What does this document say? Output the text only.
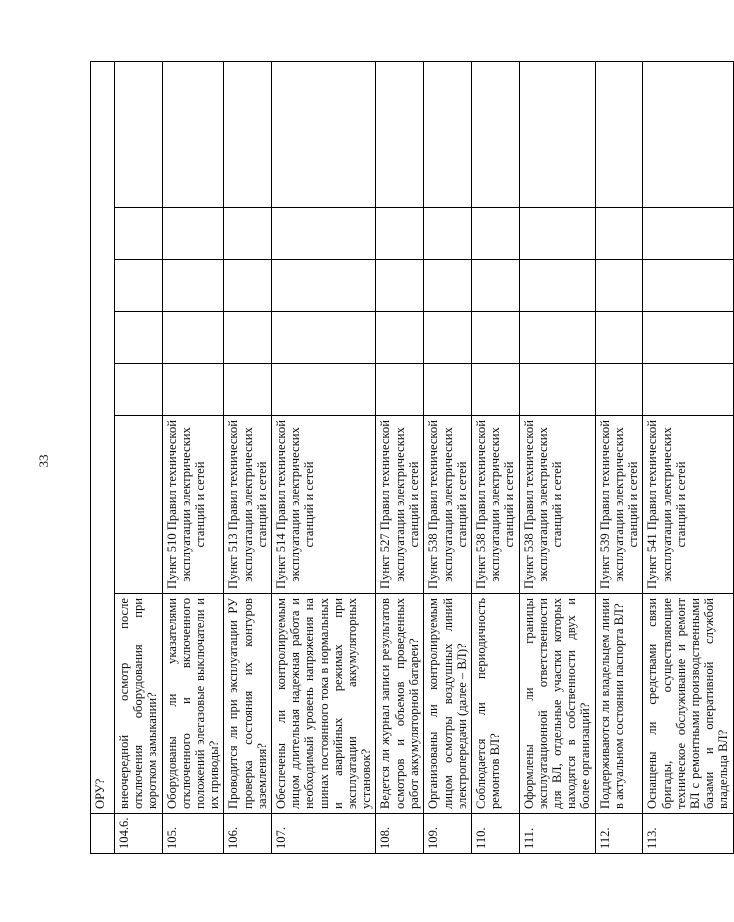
33
	ОРУ?						
104.6.	внеочередной осмотр после отключения оборудования при коротком замыкании?						
105.	Оборудованы ли указателями отключенного и включенного положений элегазовые выключатели и их приводы?	Пункт 510 Правил технической эксплуатации электрических станций и сетей					
106.	Проводится ли при эксплуатации РУ проверка состояния их контуров заземления?	Пункт 513 Правил технической эксплуатации электрических станций и сетей					
107.	Обеспечены ли контролируемым лицом длительная надежная работа и необходимый уровень напряжения на шинах постоянного тока в нормальных и аварийных режимах при эксплуатации аккумуляторных установок?	Пункт 514 Правил технической эксплуатации электрических станций и сетей					
108.	Ведется ли журнал записи результатов осмотров и объемов проведенных работ аккумуляторной батареи?	Пункт 527 Правил технической эксплуатации электрических станций и сетей					
109.	Организованы ли контролируемым лицом осмотры воздушных линий электропередачи (далее – ВЛ)?	Пункт 538 Правил технической эксплуатации электрических станций и сетей					
110.	Соблюдается ли периодичность ремонтов ВЛ?	Пункт 538 Правил технической эксплуатации электрических станций и сетей					
111.	Оформлены ли границы эксплуатационной ответственности для ВЛ, отдельные участки которых находятся в собственности двух и более организаций?	Пункт 538 Правил технической эксплуатации электрических станций и сетей					
112.	Поддерживаются ли владельцем линии в актуальном состоянии паспорта ВЛ?	Пункт 539 Правил технической эксплуатации электрических станций и сетей					
113.	Оснащены ли средствами связи бригады, осуществляющие техническое обслуживание и ремонт ВЛ с ремонтными производственными базами и оперативной службой владельца ВЛ?	Пункт 541 Правил технической эксплуатации электрических станций и сетей					
